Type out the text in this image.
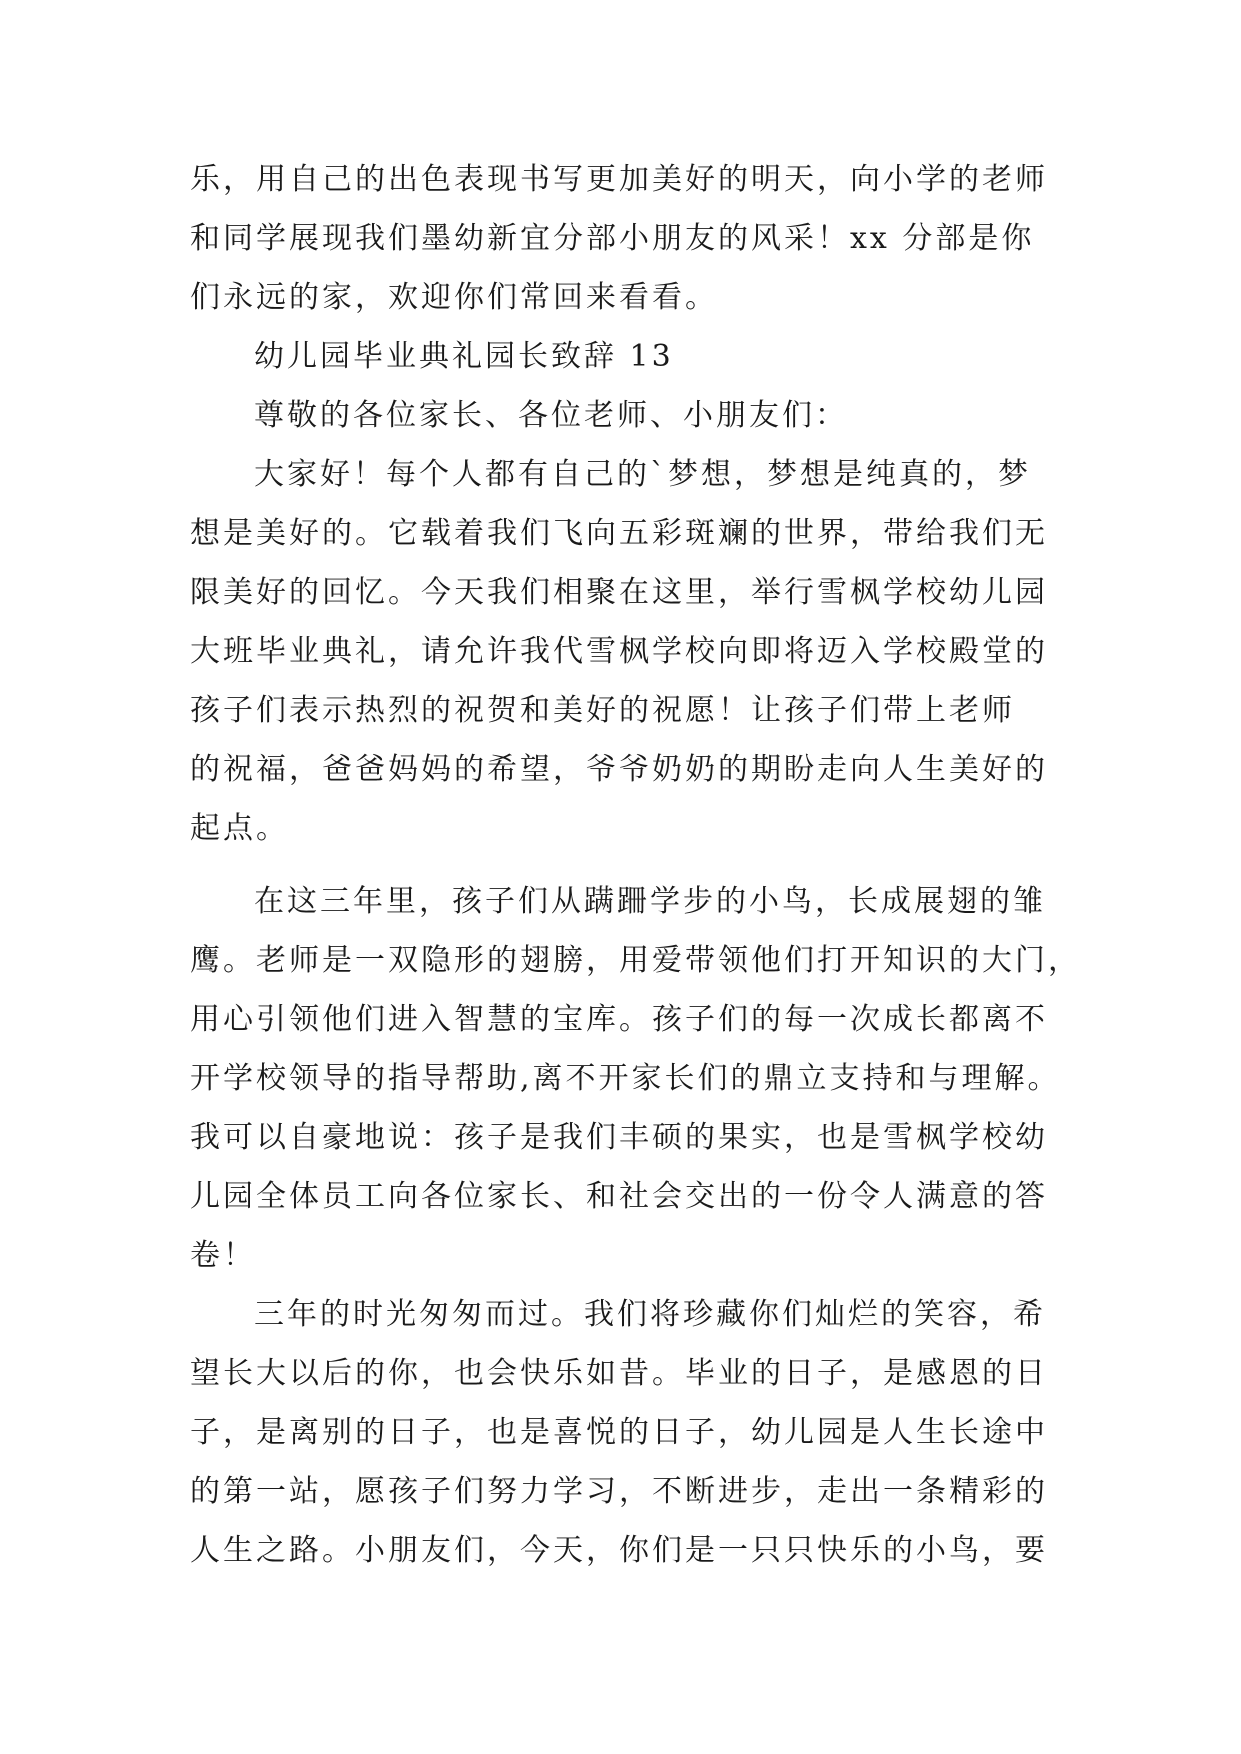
乐，用自己的出色表现书写更加美好的明天，向小学的老师
和同学展现我们墨幼新宜分部小朋友的风采！xx 分部是你
们永远的家，欢迎你们常回来看看。
幼儿园毕业典礼园长致辞 13
尊敬的各位家长、各位老师、小朋友们：
大家好！每个人都有自己的`梦想，梦想是纯真的，梦
想是美好的。它载着我们飞向五彩斑斓的世界，带给我们无
限美好的回忆。今天我们相聚在这里，举行雪枫学校幼儿园
大班毕业典礼，请允许我代雪枫学校向即将迈入学校殿堂的
孩子们表示热烈的祝贺和美好的祝愿！让孩子们带上老师
的祝福，爸爸妈妈的希望，爷爷奶奶的期盼走向人生美好的
起点。
在这三年里，孩子们从蹒跚学步的小鸟，长成展翅的雏
鹰。老师是一双隐形的翅膀，用爱带领他们打开知识的大门，
用心引领他们进入智慧的宝库。孩子们的每一次成长都离不
开学校领导的指导帮助,离不开家长们的鼎立支持和与理解。
我可以自豪地说：孩子是我们丰硕的果实，也是雪枫学校幼
儿园全体员工向各位家长、和社会交出的一份令人满意的答
卷！
三年的时光匆匆而过。我们将珍藏你们灿烂的笑容，希
望长大以后的你，也会快乐如昔。毕业的日子，是感恩的日
子，是离别的日子，也是喜悦的日子，幼儿园是人生长途中
的第一站，愿孩子们努力学习，不断进步，走出一条精彩的
人生之路。小朋友们，今天，你们是一只只快乐的小鸟，要
